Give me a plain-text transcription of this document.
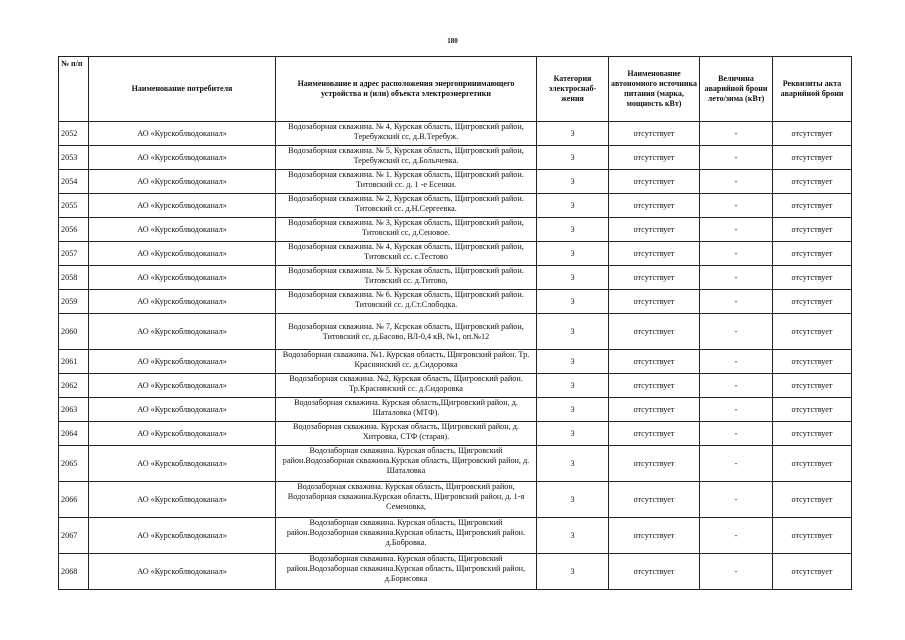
180
№ п/п	Наименование потребителя	Наименование и адрес расположения энергопринимающего устройства и (или) объекта электроэнергетики	Категория электроснаб-жения	Наименование автономного источника питания (марка, мощность кВт)	Величина аварийной брони лето/зима (кВт)	Реквизиты акта аварийной брони
2052	АО «Курскоблводоканал»	Водозаборная скважина. № 4, Курская область, Щигровский район, Теребужский сс, д.В.Теребуж.	3	отсутствует	-	отсутствует
2053	АО «Курскоблводоканал»	Водозаборная скважина. № 5, Курская область, Щигровский район, Теребужский сс, д.Болычевка.	3	отсутствует	-	отсутствует
2054	АО «Курскоблводоканал»	Водозаборная скважина. № 1. Курская область, Щигровский район. Титовский сс. д. 1 -е Есенки.	3	отсутствует	-	отсутствует
2055	АО «Курскоблводоканал»	Водозаборная скважина. № 2, Курская область, Щигровский район. Титовский сс. д.Н.Сергеевка.	3	отсутствует	-	отсутствует
2056	АО «Курскоблводоканал»	Водозаборная скважина. № 3, Курская область, Щигровский район, Титовский сс, д.Сеновое.	3	отсутствует	-	отсутствует
2057	АО «Курскоблводоканал»	Водозаборная скважина. № 4, Курская область, Щигровский район, Титовский сс. с.Тестово	3	отсутствует	-	отсутствует
2058	АО «Курскоблводоканал»	Водозаборная скважина. № 5. Курская область, Щигровский район. Титовский сс. д.Титово,	3	отсутствует	-	отсутствует
2059	АО «Курскоблводоканал»	Водозаборная скважина. № 6. Курская область, Щигровский район. Титовский сс. д.Ст.Слободка.	3	отсутствует	-	отсутствует
2060	АО «Курскоблводоканал»	Водозаборная скважина. № 7, Ксрская область, Щигровский район, Титовский сс, д.Басово, ВЛ-0,4 кВ, №1, оп.№12	3	отсутствует	-	отсутствует
2061	АО «Курскоблводоканал»	Водозаборная скважина. №1. Курская область, Щигровский район. Тр. Краснянский сс. д.Сидоровка	3	отсутствует	-	отсутствует
2062	АО «Курскоблводоканал»	Водозаборная скважина. №2, Курская область, Щигровский район. Тр.Краснянский сс. д.Сидоровка	3	отсутствует	-	отсутствует
2063	АО «Курскоблводоканал»	Водозаборная скважина. Курская область,Щигровский район, д. Шаталовка (МТФ).	3	отсутствует	-	отсутствует
2064	АО «Курскоблводоканал»	Водозаборная скважина. Курская область, Щигровский район, д. Хитровка, СТФ (старая).	3	отсутствует	-	отсутствует
2065	АО «Курскоблводоканал»	Водозаборная скважина. Курская область, Щигровский район.Водозаборная скважина.Курская область, Щигровский район, д. Шаталовка	3	отсутствует	-	отсутствует
2066	АО «Курскоблводоканал»	Водозаборная скважина. Курская область, Щигровский район, Водозаборная скважина.Курская область, Щигровский район, д. 1-я Семеновка,	3	отсутствует	-	отсутствует
2067	АО «Курскоблводоканал»	Водозаборная скважина. Курская область, Щигровский район.Водозаборная скважина.Курская область, Щигровский район. д.Бобровка.	3	отсутствует	-	отсутствует
2068	АО «Курскоблводоканал»	Водозаборная скважина. Курская область, Щигровский район.Водозаборная скважина.Курская область, Щигровский район, д.Борисовка	3	отсутствует	-	отсутствует
